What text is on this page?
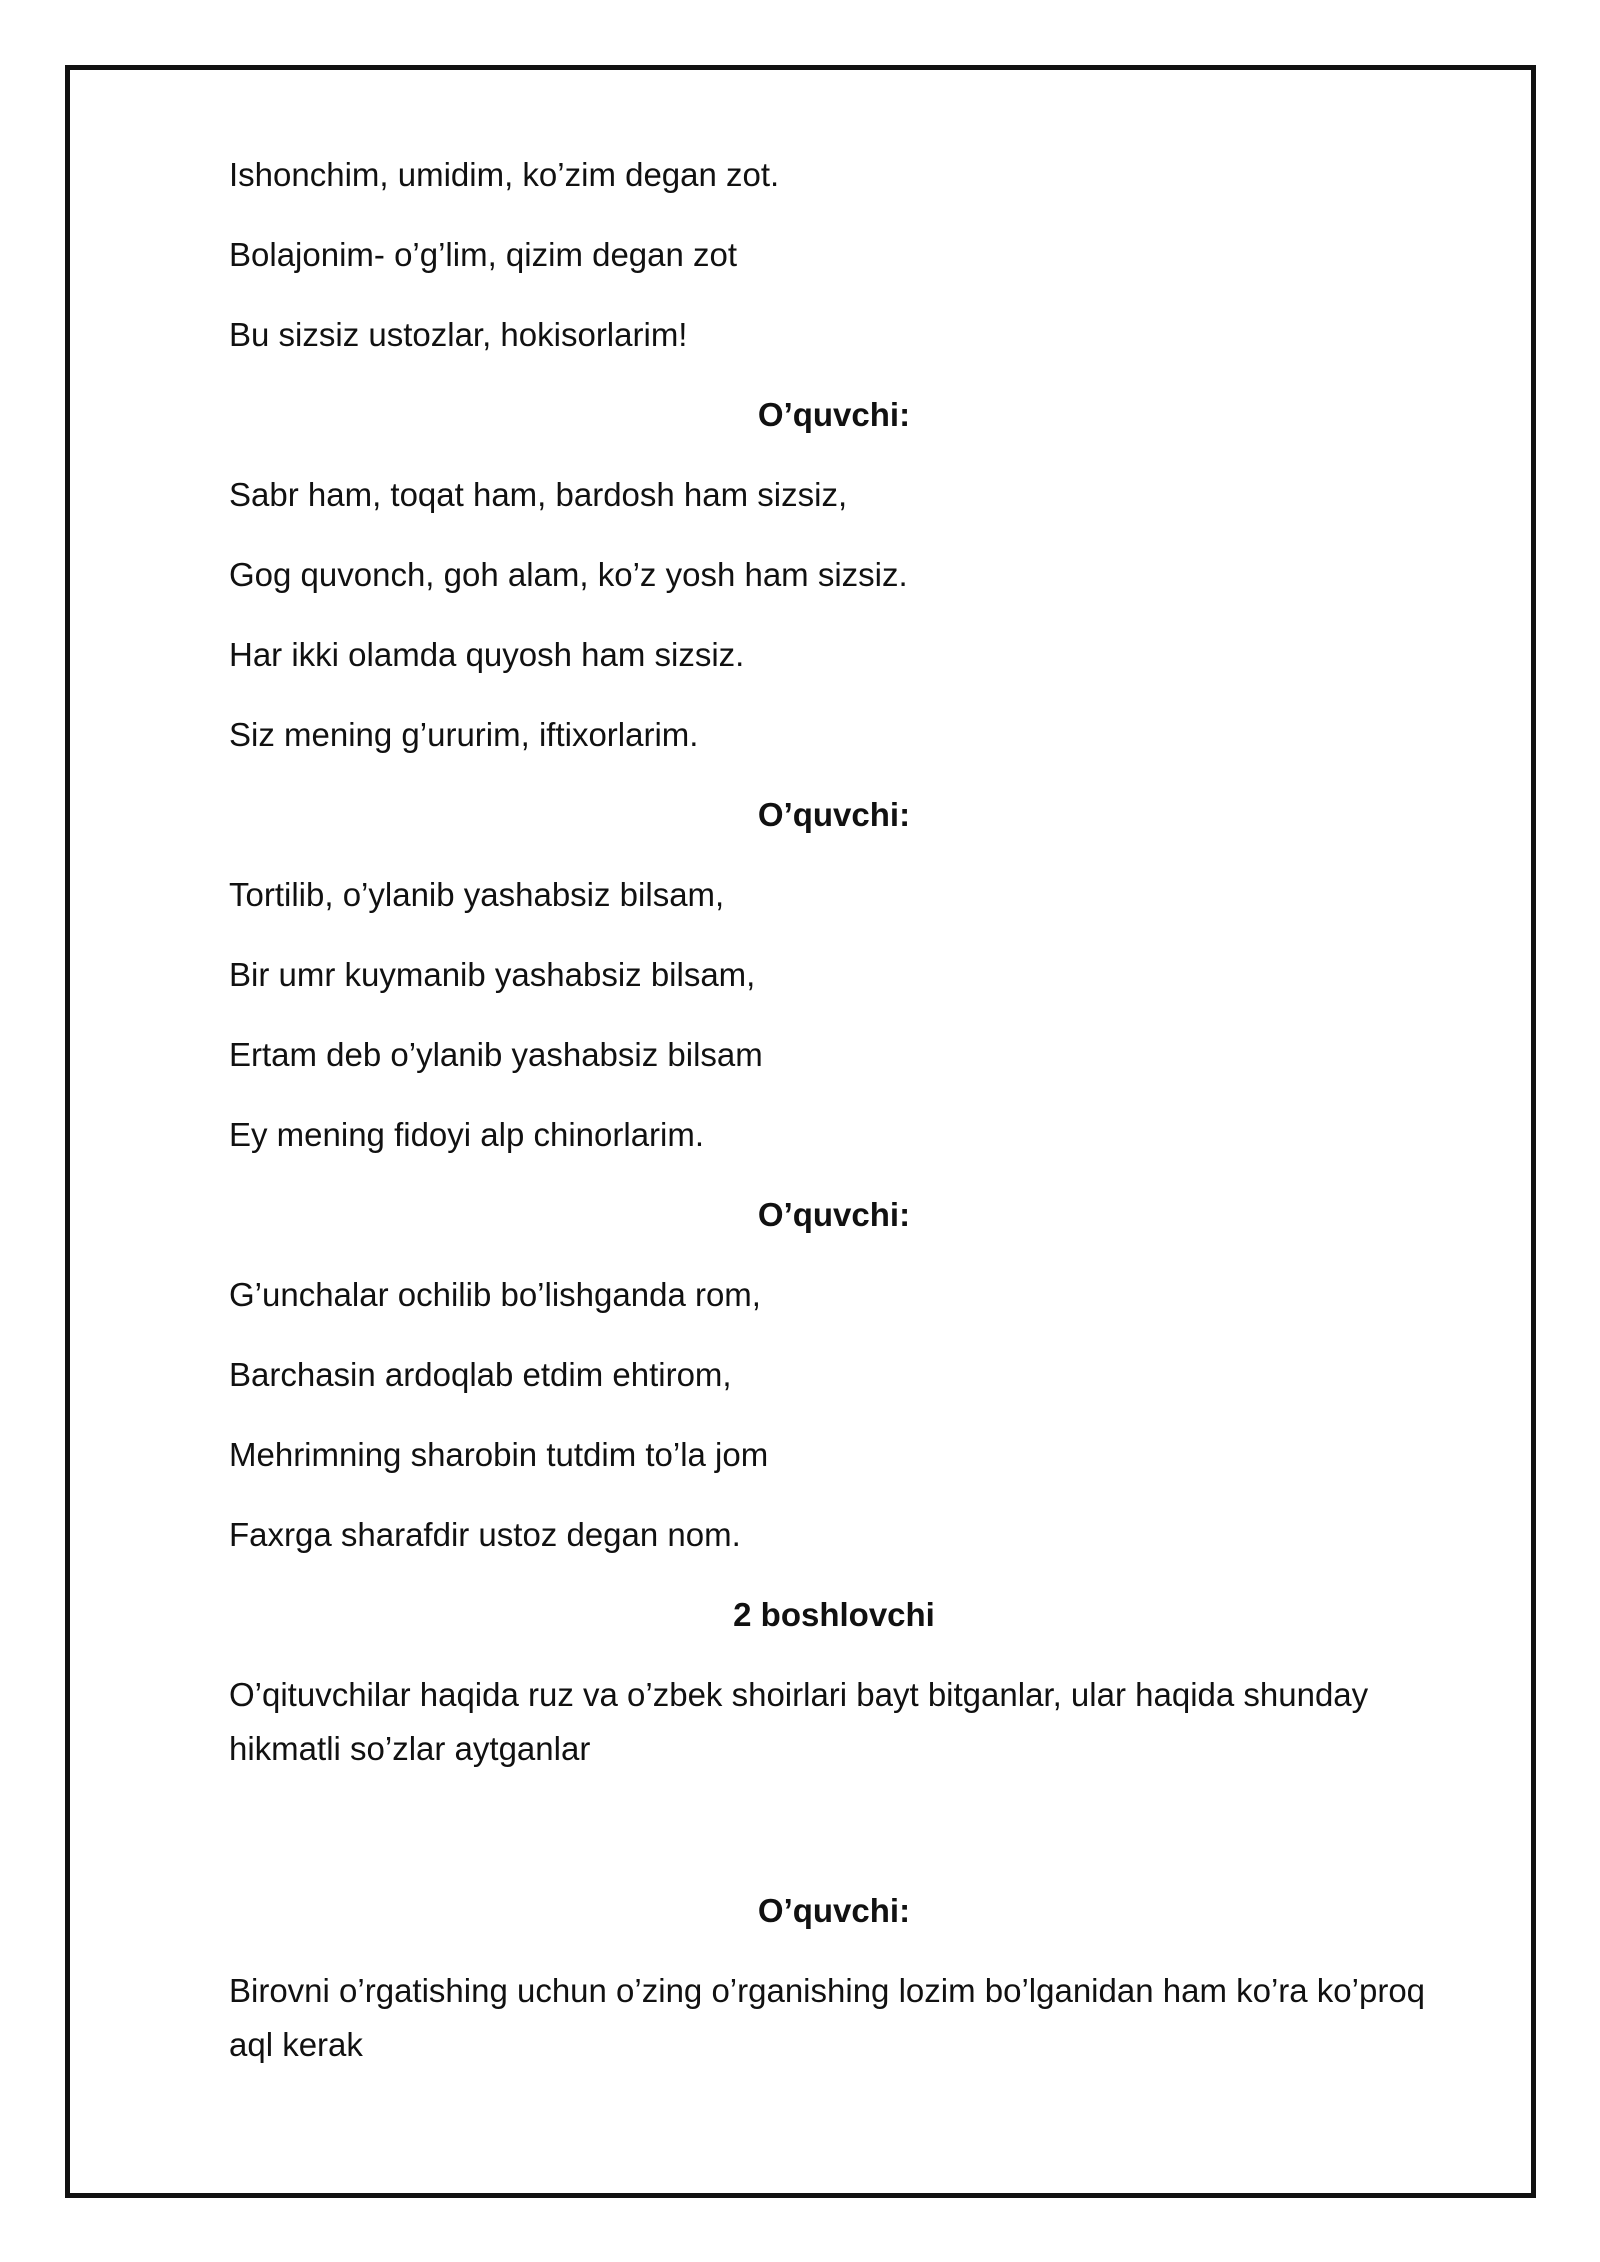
Ishonchim, umidim, ko’zim degan zot.
Bolajonim- o’g’lim, qizim degan zot
Bu sizsiz ustozlar, hokisorlarim!
O’quvchi:
Sabr ham, toqat ham, bardosh ham sizsiz,
Gog quvonch, goh alam, ko’z yosh ham sizsiz.
Har ikki olamda quyosh ham sizsiz.
Siz mening g’ururim, iftixorlarim.
O’quvchi:
Tortilib, o’ylanib yashabsiz bilsam,
Bir umr kuymanib yashabsiz bilsam,
Ertam deb o’ylanib yashabsiz bilsam
Ey mening fidoyi alp chinorlarim.
O’quvchi:
G’unchalar ochilib bo’lishganda rom,
Barchasin ardoqlab etdim ehtirom,
Mehrimning sharobin tutdim to’la jom
Faxrga sharafdir ustoz degan nom.
2 boshlovchi
O’qituvchilar haqida ruz va o’zbek shoirlari bayt bitganlar, ular haqida shunday hikmatli so’zlar aytganlar
O’quvchi:
Birovni o’rgatishing uchun o’zing o’rganishing lozim bo’lganidan ham ko’ra ko’proq aql kerak
